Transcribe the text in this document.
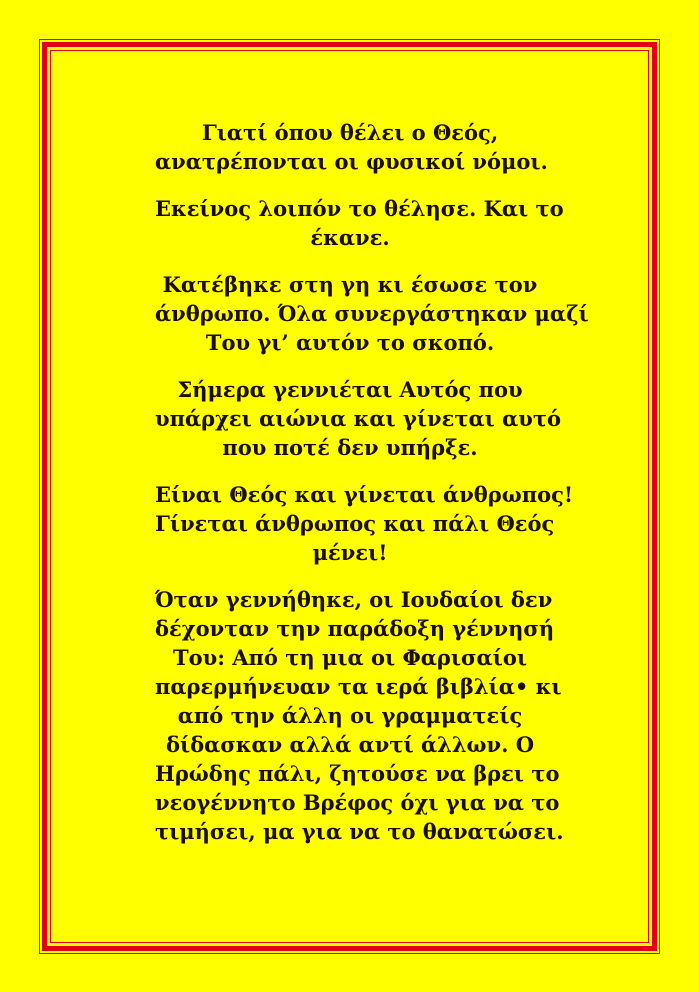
Γιατί όπου θέλει ο Θεός,
ανατρέπονται οι φυσικοί νόμοι.

Εκείνος λοιπόν το θέλησε. Και το
έκανε.

Κατέβηκε στη γη κι έσωσε τον
άνθρωπο. Όλα συνεργάστηκαν μαζί
Του γι’ αυτόν το σκοπό.

Σήμερα γεννιέται Αυτός που
υπάρχει αιώνια και γίνεται αυτό
που ποτέ δεν υπήρξε.

Είναι Θεός και γίνεται άνθρωπος!
Γίνεται άνθρωπος και πάλι Θεός
μένει!

Όταν γεννήθηκε, οι Ιουδαίοι δεν
δέχονταν την παράδοξη γέννησή
Του: Από τη μια οι Φαρισαίοι
παρερμήνευαν τα ιερά βιβλία• κι
από την άλλη οι γραμματείς
δίδασκαν αλλά αντί άλλων. Ο
Ηρώδης πάλι, ζητούσε να βρει το
νεογέννητο Βρέφος όχι για να το
τιμήσει, μα για να το θανατώσει.
